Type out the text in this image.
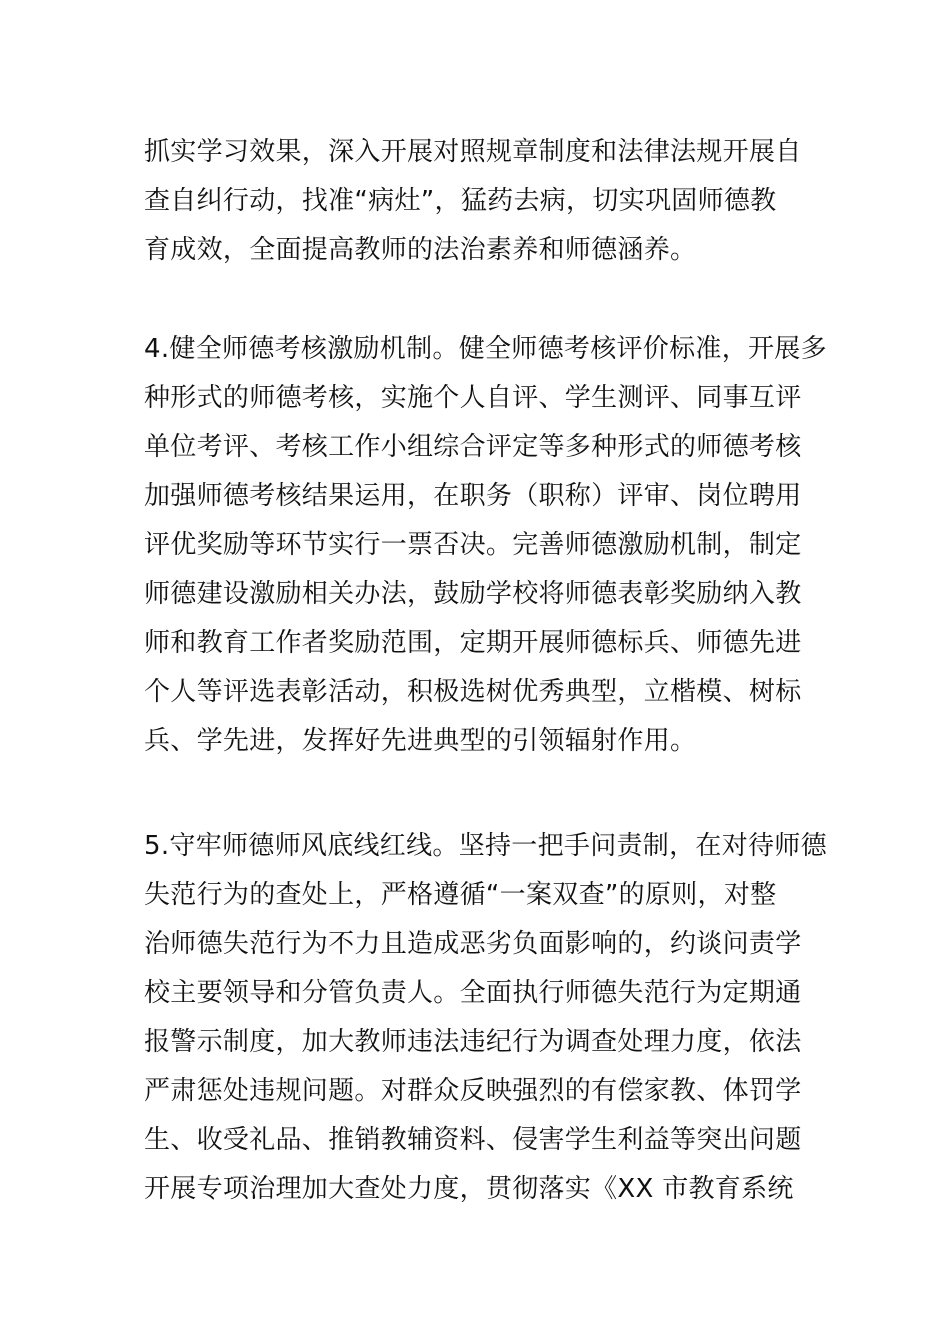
抓实学习效果，深入开展对照规章制度和法律法规开展自
查自纠行动，找准“病灶”，猛药去病，切实巩固师德教
育成效，全面提高教师的法治素养和师德涵养。
4.健全师德考核激励机制。健全师德考核评价标准，开展多
种形式的师德考核，实施个人自评、学生测评、同事互评
单位考评、考核工作小组综合评定等多种形式的师德考核
加强师德考核结果运用，在职务（职称）评审、岗位聘用
评优奖励等环节实行一票否决。完善师德激励机制，制定
师德建设激励相关办法，鼓励学校将师德表彰奖励纳入教
师和教育工作者奖励范围，定期开展师德标兵、师德先进
个人等评选表彰活动，积极选树优秀典型，立楷模、树标
兵、学先进，发挥好先进典型的引领辐射作用。
5.守牢师德师风底线红线。坚持一把手问责制，在对待师德
失范行为的查处上，严格遵循“一案双查”的原则，对整
治师德失范行为不力且造成恶劣负面影响的，约谈问责学
校主要领导和分管负责人。全面执行师德失范行为定期通
报警示制度，加大教师违法违纪行为调查处理力度，依法
严肃惩处违规问题。对群众反映强烈的有偿家教、体罚学
生、收受礼品、推销教辅资料、侵害学生利益等突出问题
开展专项治理加大查处力度，贯彻落实《XX 市教育系统
